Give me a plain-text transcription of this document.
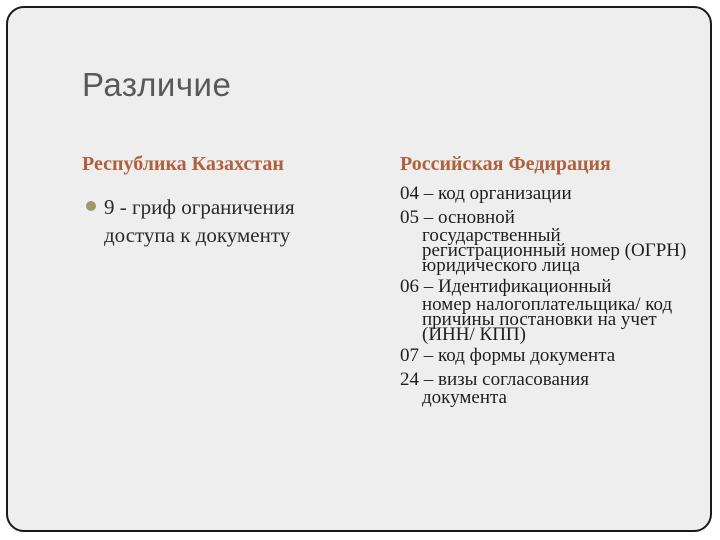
Различие
Республика Казахстан	Российская Федирация
9 - гриф ограничения доступа к документу
04 – код организации
05 – основной
государственный регистрационный номер (ОГРН) юридического лица
06 – Идентификационный
номер налогоплательщика/ код причины постановки на учет (ИНН/ КПП)
07 – код формы документа
24 – визы согласования
документа
